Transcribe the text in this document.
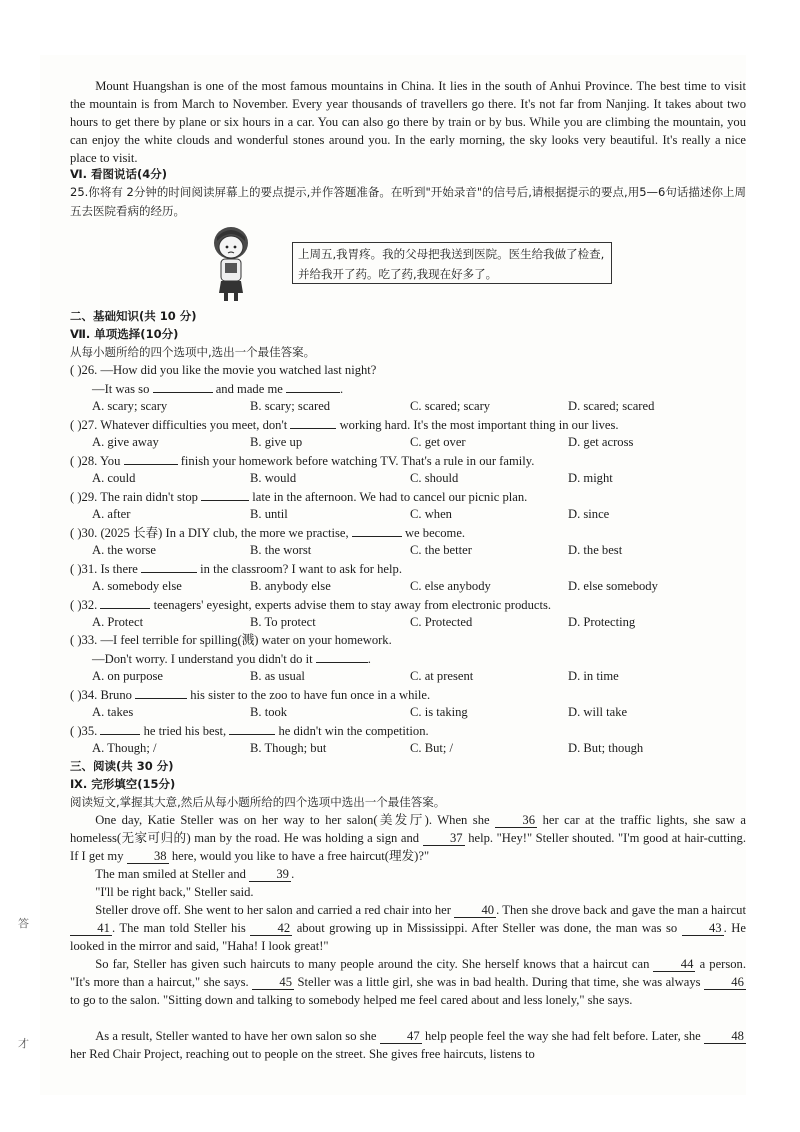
Mount Huangshan is one of the most famous mountains in China. It lies in the south of Anhui Province. The best time to visit the mountain is from March to November. Every year thousands of travellers go there. It's not far from Nanjing. It takes about two hours to get there by plane or six hours in a car. You can also go there by train or by bus. While you are climbing the mountain, you can enjoy the white clouds and wonderful stones around you. In the early morning, the sky looks very beautiful. It's really a nice place to visit.

Ⅵ. 看图说话(4分)

25.你将有 2分钟的时间阅读屏幕上的要点提示,并作答题准备。在听到"开始录音"的信号后,请根据提示的要点,用5—6句话描述你上周五去医院看病的经历。

上周五,我胃疼。我的父母把我送到医院。医生给我做了检查,并给我开了药。吃了药,我现在好多了。
二、基础知识(共 10 分)
Ⅶ. 单项选择(10分)
从每小题所给的四个选项中,选出一个最佳答案。
( )26. —How did you like the movie you watched last night?
—It was so	and made me	.
A. scary; scary	B. scary; scared	C. scared; scary	D. scared; scared
( )27. Whatever difficulties you meet, don't	working hard. It's the most important thing in our lives.
A. give away	B. give up	C. get over	D. get across
( )28. You	finish your homework before watching TV. That's a rule in our family.
A. could	B. would	C. should	D. might
( )29. The rain didn't stop	late in the afternoon. We had to cancel our picnic plan.
A. after	B. until	C. when	D. since
( )30. (2025 长春) In a DIY club, the more we practise,	we become.
A. the worse	B. the worst	C. the better	D. the best
( )31. Is there	in the classroom? I want to ask for help.
A. somebody else	B. anybody else	C. else anybody	D. else somebody
( )32.	teenagers' eyesight, experts advise them to stay away from electronic products.
A. Protect	B. To protect	C. Protected	D. Protecting
( )33. —I feel terrible for spilling(溅) water on your homework.
—Don't worry. I understand you didn't do it	.
A. on purpose	B. as usual	C. at present	D. in time
( )34. Bruno	his sister to the zoo to have fun once in a while.
A. takes	B. took	C. is taking	D. will take
( )35.	he tried his best,	he didn't win the competition.
A. Though; /	B. Though; but	C. But; /	D. But; though
三、阅读(共 30 分)
Ⅸ. 完形填空(15分)
阅读短文,掌握其大意,然后从每小题所给的四个选项中选出一个最佳答案。

One day, Katie Steller was on her way to her salon(美发厅). When she	36 her car at the traffic lights, she saw a homeless(无家可归的) man by the road. He was holding a sign and 37 help. "Hey!" Steller shouted. "I'm good at hair-cutting. If I get my 38 here, would you like to have a free haircut(理发)?"

The man smiled at Steller and 39 .

"I'll be right back," Steller said.

Steller drove off. She went to her salon and carried a red chair into her 40 . Then she drove back and gave the man a haircut 41 . The man told Steller his	42 about growing up in Mississippi. After Steller was done, the man was so	43 . He looked in the mirror and said, "Haha! I look great!"

So far, Steller has given such haircuts to many people around the city. She herself knows that a haircut can 44 a person. "It's more than a haircut," she says. 45 Steller was a little girl, she was in bad health. During that time, she was always 46 to go to the salon. "Sitting down and talking to somebody helped me feel cared about and less lonely," she says.

As a result, Steller wanted to have her own salon so she 47 help people feel the way she had felt before. Later, she 48 her Red Chair Project, reaching out to people on the street. She gives free haircuts, listens to

答
才
